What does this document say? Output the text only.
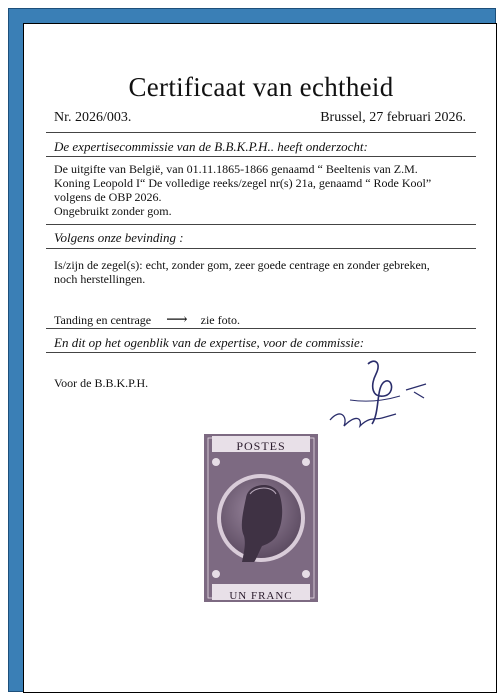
Certificaat van echtheid
Nr. 2026/003.	Brussel, 27 februari 2026.
De expertisecommissie van de B.B.K.P.H.. heeft onderzocht:
De uitgifte van België, van 01.11.1865-1866 genaamd “ Beeltenis van Z.M.
Koning Leopold I“ De volledige reeks/zegel nr(s) 21a, genaamd “ Rode Kool”
volgens de OBP 2026.
Ongebruikt zonder gom.
Volgens onze bevinding :
Is/zijn de zegel(s): echt, zonder gom, zeer goede centrage en zonder gebreken,
noch herstellingen.
Tanding en centrage ⟶ zie foto.
En dit op het ogenblik van de expertise, voor de commissie:
Voor de B.B.K.P.H.
POSTES
UN FRANC
